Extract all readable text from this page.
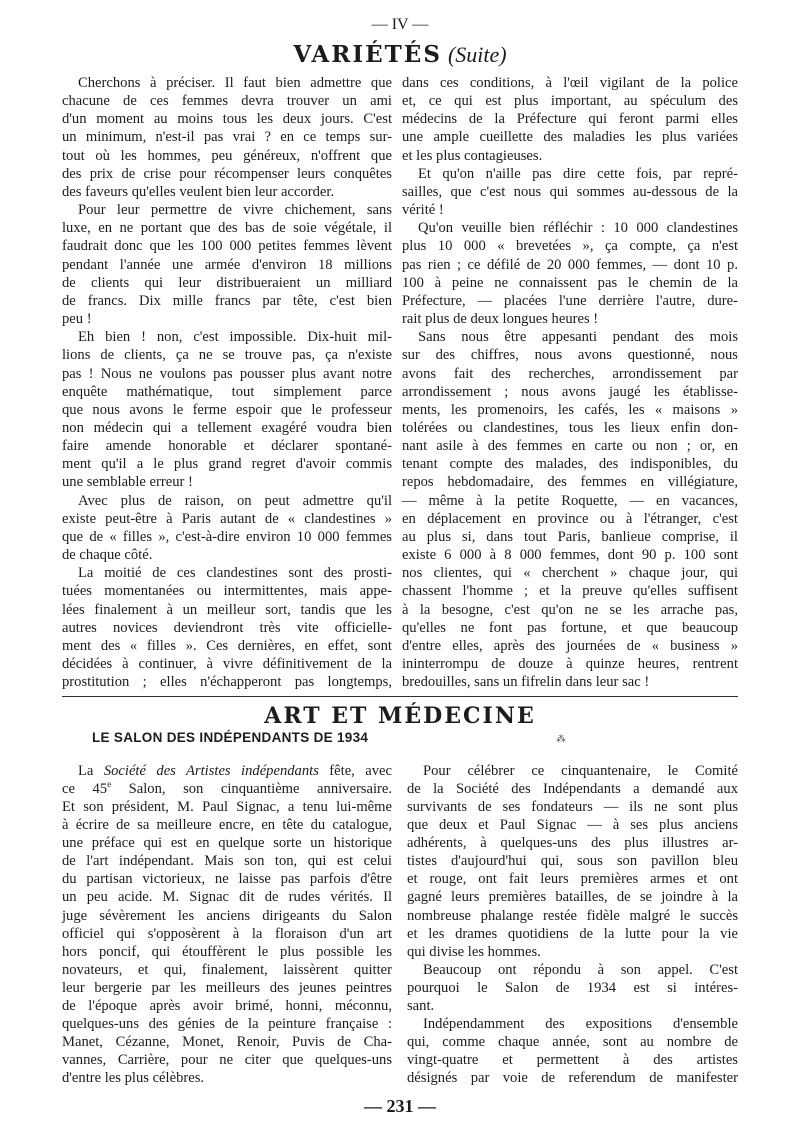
— IV —
VARIÉTÉS (Suite)
Cherchons à préciser. Il faut bien admettre que
chacune de ces femmes devra trouver un ami
d'un moment au moins tous les deux jours. C'est
un minimum, n'est-il pas vrai ? en ce temps sur-
tout où les hommes, peu généreux, n'offrent que
des prix de crise pour récompenser leurs conquêtes
des faveurs qu'elles veulent bien leur accorder.
Pour leur permettre de vivre chichement, sans
luxe, en ne portant que des bas de soie végétale, il
faudrait donc que les 100 000 petites femmes lèvent
pendant l'année une armée d'environ 18 millions
de clients qui leur distribueraient un milliard
de francs. Dix mille francs par tête, c'est bien
peu !
Eh bien ! non, c'est impossible. Dix-huit mil-
lions de clients, ça ne se trouve pas, ça n'existe
pas ! Nous ne voulons pas pousser plus avant notre
enquête mathématique, tout simplement parce
que nous avons le ferme espoir que le professeur
non médecin qui a tellement exagéré voudra bien
faire amende honorable et déclarer spontané-
ment qu'il a le plus grand regret d'avoir commis
une semblable erreur !
Avec plus de raison, on peut admettre qu'il
existe peut-être à Paris autant de « clandestines »
que de « filles », c'est-à-dire environ 10 000 femmes
de chaque côté.
La moitié de ces clandestines sont des prosti-
tuées momentanées ou intermittentes, mais appe-
lées finalement à un meilleur sort, tandis que les
autres novices deviendront très vite officielle-
ment des « filles ». Ces dernières, en effet, sont
décidées à continuer, à vivre définitivement de la
prostitution ; elles n'échapperont pas longtemps,
dans ces conditions, à l'œil vigilant de la police
et, ce qui est plus important, au spéculum des
médecins de la Préfecture qui feront parmi elles
une ample cueillette des maladies les plus variées
et les plus contagieuses.
Et qu'on n'aille pas dire cette fois, par repré-
sailles, que c'est nous qui sommes au-dessous de la
vérité !
Qu'on veuille bien réfléchir : 10 000 clandestines
plus 10 000 « brevetées », ça compte, ça n'est
pas rien ; ce défilé de 20 000 femmes, — dont 10 p.
100 à peine ne connaissent pas le chemin de la
Préfecture, — placées l'une derrière l'autre, dure-
rait plus de deux longues heures !
Sans nous être appesanti pendant des mois
sur des chiffres, nous avons questionné, nous
avons fait des recherches, arrondissement par
arrondissement ; nous avons jaugé les établisse-
ments, les promenoirs, les cafés, les « maisons »
tolérées ou clandestines, tous les lieux enfin don-
nant asile à des femmes en carte ou non ; or, en
tenant compte des malades, des indisponibles, du
repos hebdomadaire, des femmes en villégiature,
— même à la petite Roquette, — en vacances,
en déplacement en province ou à l'étranger, c'est
au plus si, dans tout Paris, banlieue comprise, il
existe 6 000 à 8 000 femmes, dont 90 p. 100 sont
nos clientes, qui « cherchent » chaque jour, qui
chassent l'homme ; et la preuve qu'elles suffisent
à la besogne, c'est qu'on ne se les arrache pas,
qu'elles ne font pas fortune, et que beaucoup
d'entre elles, après des journées de « business »
ininterrompu de douze à quinze heures, rentrent
bredouilles, sans un fifrelin dans leur sac !
ART ET MÉDECINE
LE SALON DES INDÉPENDANTS DE 1934	⁂
La Société des Artistes indépendants fête, avec
ce 45e Salon, son cinquantième anniversaire.
Et son président, M. Paul Signac, a tenu lui-même
à écrire de sa meilleure encre, en tête du catalogue,
une préface qui est en quelque sorte un historique
de l'art indépendant. Mais son ton, qui est celui
du partisan victorieux, ne laisse pas parfois d'être
un peu acide. M. Signac dit de rudes vérités. Il
juge sévèrement les anciens dirigeants du Salon
officiel qui s'opposèrent à la floraison d'un art
hors poncif, qui étouffèrent le plus possible les
novateurs, et qui, finalement, laissèrent quitter
leur bergerie par les meilleurs des jeunes peintres
de l'époque après avoir brimé, honni, méconnu,
quelques-uns des génies de la peinture française :
Manet, Cézanne, Monet, Renoir, Puvis de Cha-
vannes, Carrière, pour ne citer que quelques-uns
d'entre les plus célèbres.
Pour célébrer ce cinquantenaire, le Comité
de la Société des Indépendants a demandé aux
survivants de ses fondateurs — ils ne sont plus
que deux et Paul Signac — à ses plus anciens
adhérents, à quelques-uns des plus illustres ar-
tistes d'aujourd'hui qui, sous son pavillon bleu
et rouge, ont fait leurs premières armes et ont
gagné leurs premières batailles, de se joindre à la
nombreuse phalange restée fidèle malgré le succès
et les drames quotidiens de la lutte pour la vie
qui divise les hommes.
Beaucoup ont répondu à son appel. C'est
pourquoi le Salon de 1934 est si intéres-
sant.
Indépendamment des expositions d'ensemble
qui, comme chaque année, sont au nombre de
vingt-quatre et permettent à des artistes
désignés par voie de referendum de manifester
— 231 —
